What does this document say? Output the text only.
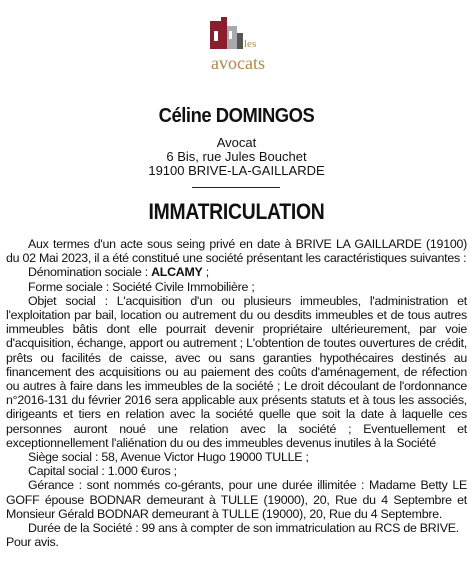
les
avocats
Céline DOMINGOS
Avocat
6 Bis, rue Jules Bouchet
19100 BRIVE-LA-GAILLARDE
IMMATRICULATION

Aux termes d'un acte sous seing privé en date à BRIVE LA GAILLARDE (19100) du 02 Mai 2023, il a été constitué une société présentant les caractéristiques suivantes :

Dénomination sociale : ALCAMY ;

Forme sociale : Société Civile Immobilière ;

Objet social : L'acquisition d'un ou plusieurs immeubles, l'administration et l'exploitation par bail, location ou autrement du ou desdits immeubles et de tous autres immeubles bâtis dont elle pourrait devenir propriétaire ultérieurement, par voie d'acquisition, échange, apport ou autrement ; L'obtention de toutes ouvertures de crédit, prêts ou facilités de caisse, avec ou sans garanties hypothécaires destinés au financement des acquisitions ou au paiement des coûts d'aménagement, de réfection ou autres à faire dans les immeubles de la société ; Le droit découlant de l'ordonnance n°2016-131 du février 2016 sera applicable aux présents statuts et à tous les associés, dirigeants et tiers en relation avec la société quelle que soit la date à laquelle ces personnes auront noué une relation avec la société ; Eventuellement et exceptionnellement l'aliénation du ou des immeubles devenus inutiles à la Société

Siège social : 58, Avenue Victor Hugo 19000 TULLE ;

Capital social : 1.000 €uros ;

Gérance : sont nommés co-gérants, pour une durée illimitée : Madame Betty LE GOFF épouse BODNAR demeurant à TULLE (19000), 20, Rue du 4 Septembre et Monsieur Gérald BODNAR demeurant à TULLE (19000), 20, Rue du 4 Septembre.

Durée de la Société : 99 ans à compter de son immatriculation au RCS de BRIVE.

Pour avis.
